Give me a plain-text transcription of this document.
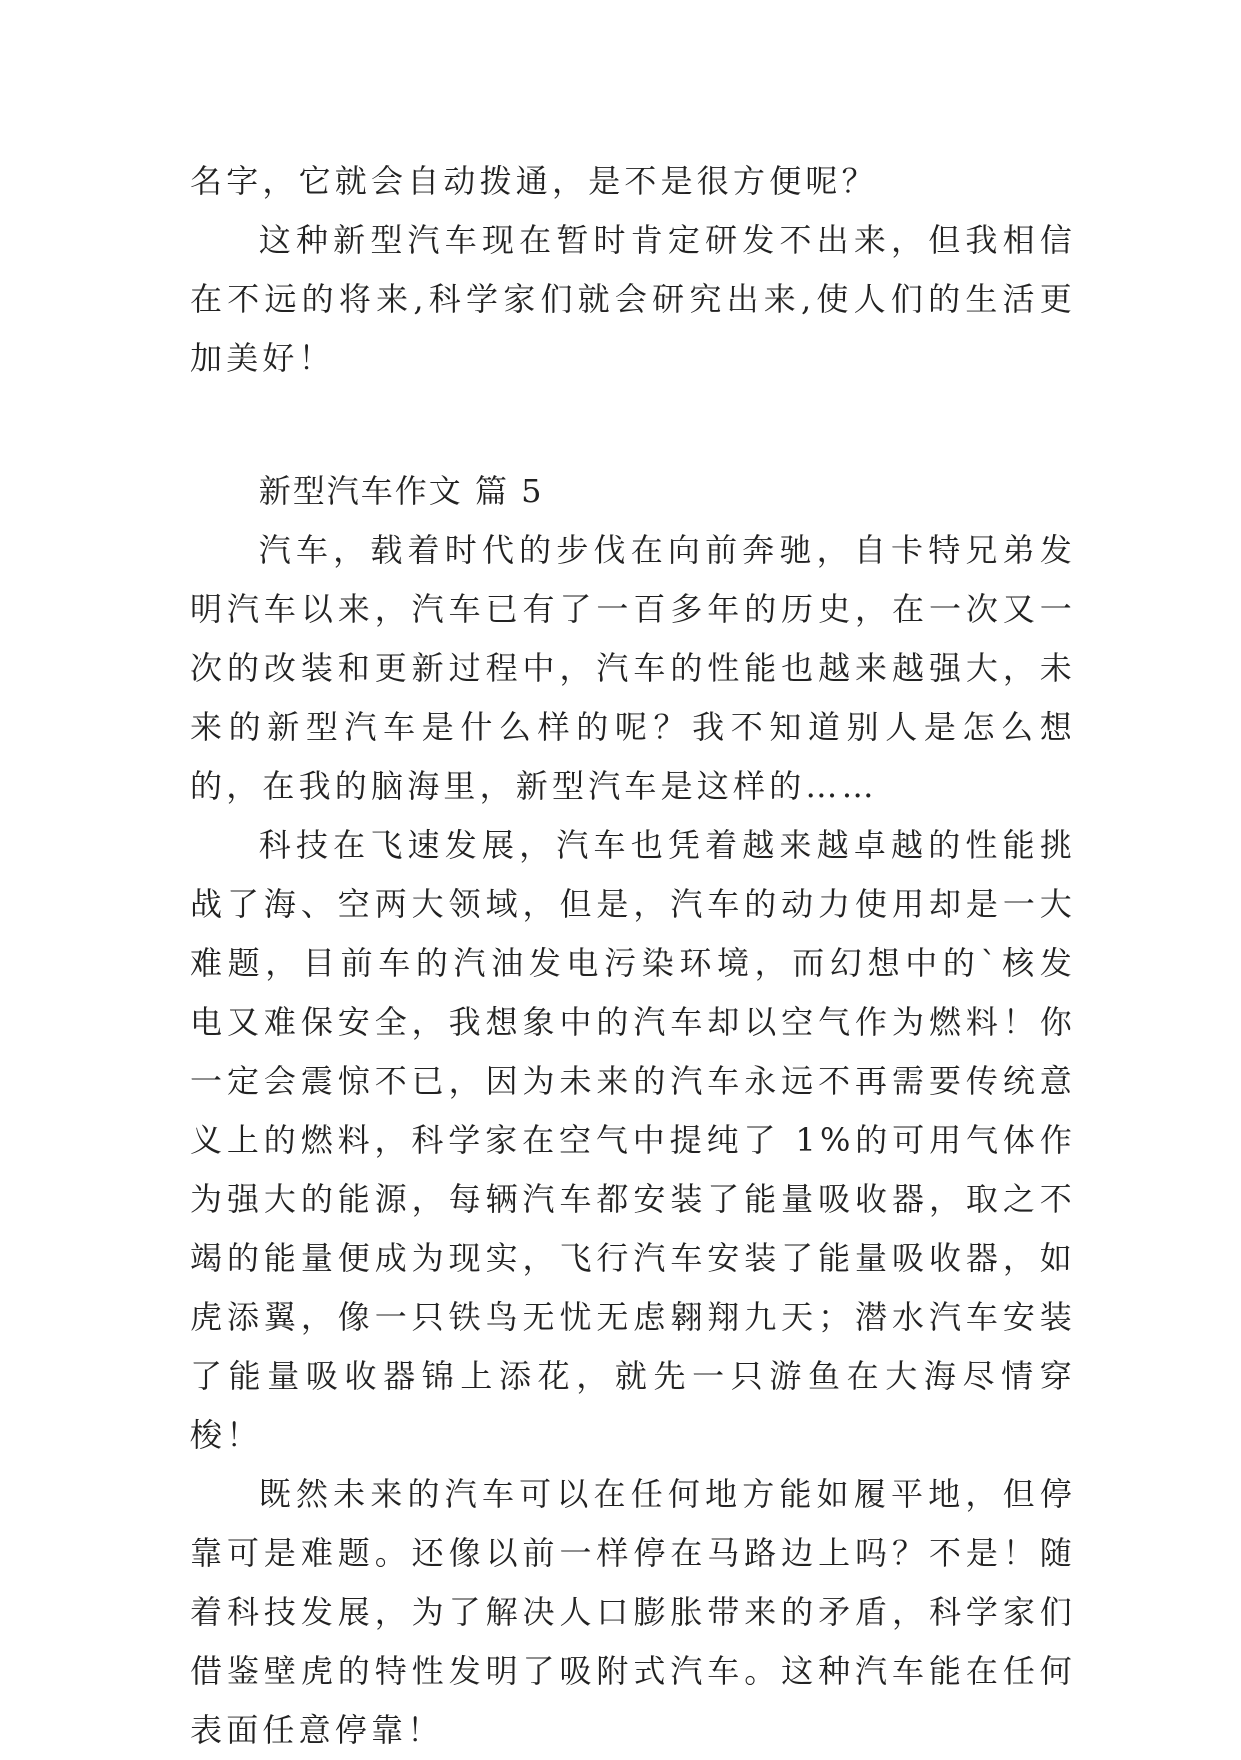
名字，它就会自动拨通，是不是很方便呢？

这种新型汽车现在暂时肯定研发不出来，但我相信在不远的将来,科学家们就会研究出来,使人们的生活更加美好！

新型汽车作文 篇 5

汽车，载着时代的步伐在向前奔驰，自卡特兄弟发明汽车以来，汽车已有了一百多年的历史，在一次又一次的改装和更新过程中，汽车的性能也越来越强大，未来的新型汽车是什么样的呢？我不知道别人是怎么想的，在我的脑海里，新型汽车是这样的……

科技在飞速发展，汽车也凭着越来越卓越的性能挑战了海、空两大领域，但是，汽车的动力使用却是一大难题，目前车的汽油发电污染环境，而幻想中的`核发电又难保安全，我想象中的汽车却以空气作为燃料！你一定会震惊不已，因为未来的汽车永远不再需要传统意义上的燃料，科学家在空气中提纯了 1%的可用气体作为强大的能源，每辆汽车都安装了能量吸收器，取之不竭的能量便成为现实，飞行汽车安装了能量吸收器，如虎添翼，像一只铁鸟无忧无虑翱翔九天；潜水汽车安装了能量吸收器锦上添花，就先一只游鱼在大海尽情穿梭！

既然未来的汽车可以在任何地方能如履平地，但停靠可是难题。还像以前一样停在马路边上吗？不是！随着科技发展，为了解决人口膨胀带来的矛盾，科学家们借鉴壁虎的特性发明了吸附式汽车。这种汽车能在任何表面任意停靠！
